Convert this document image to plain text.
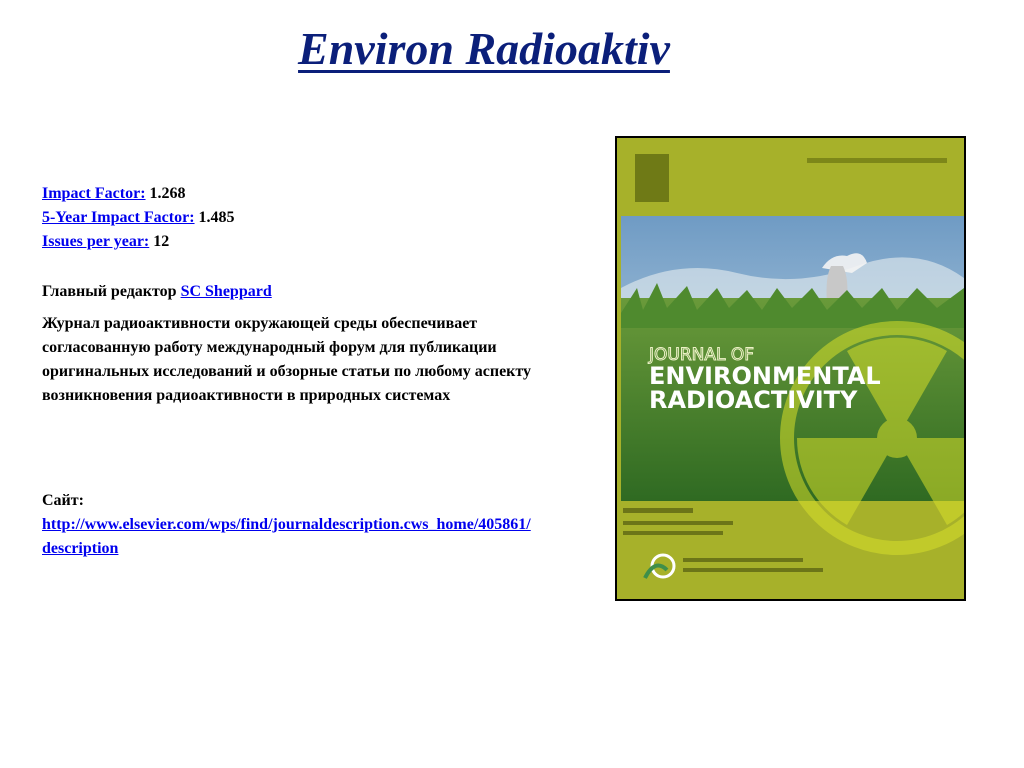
Environ Radioaktiv
Impact Factor: 1.268
5-Year Impact Factor: 1.485
Issues per year: 12
Главный редактор SC Sheppard
Журнал радиоактивности окружающей среды обеспечивает согласованную работу международный форум для публикации оригинальных исследований и обзорные статьи по любому аспекту возникновения радиоактивности в природных системах
Сайт:
http://www.elsevier.com/wps/find/journaldescription.cws_home/405861/description
JOURNAL OF
ENVIRONMENTAL
RADIOACTIVITY
